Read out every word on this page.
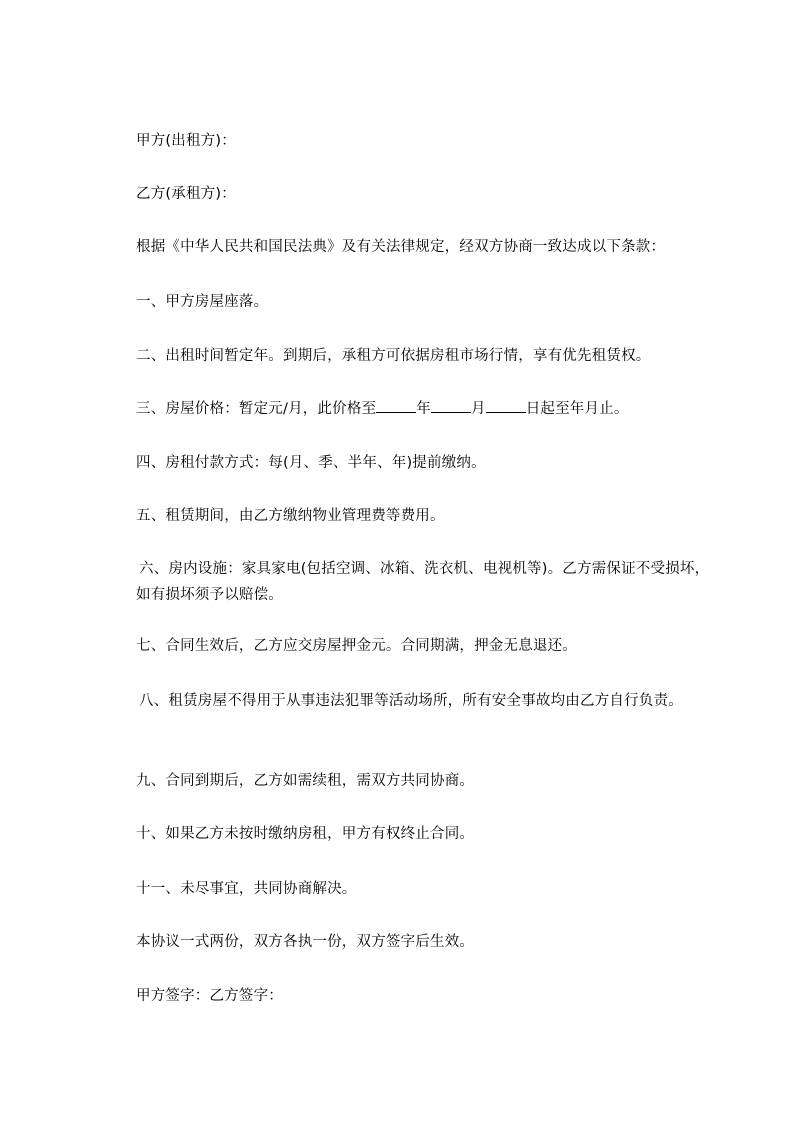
甲方(出租方)：
乙方(承租方)：
根据《中华人民共和国民法典》及有关法律规定，经双方协商一致达成以下条款：
一、甲方房屋座落。
二、出租时间暂定年。到期后，承租方可依据房租市场行情，享有优先租赁权。
三、房屋价格：暂定元/月，此价格至	年	月	日起至年月止。
四、房租付款方式：每(月、季、半年、年)提前缴纳。
五、租赁期间，由乙方缴纳物业管理费等费用。
六、房内设施：家具家电(包括空调、冰箱、洗衣机、电视机等)。乙方需保证不受损坏，如有损坏须予以赔偿。
七、合同生效后，乙方应交房屋押金元。合同期满，押金无息退还。
八、租赁房屋不得用于从事违法犯罪等活动场所，所有安全事故均由乙方自行负责。
九、合同到期后，乙方如需续租，需双方共同协商。
十、如果乙方未按时缴纳房租，甲方有权终止合同。
十一、未尽事宜，共同协商解决。
本协议一式两份，双方各执一份，双方签字后生效。
甲方签字：乙方签字：
